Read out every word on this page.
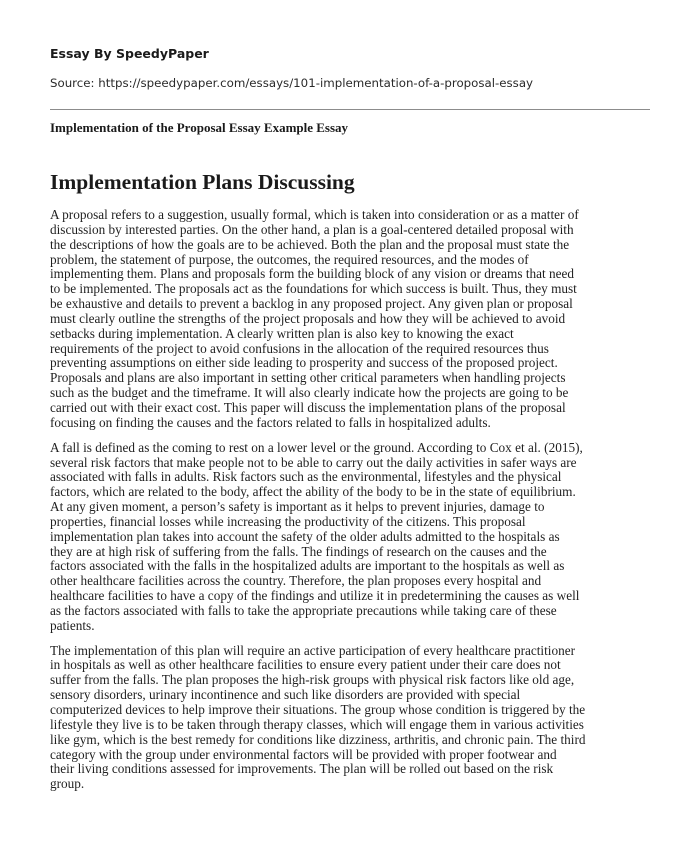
Essay By SpeedyPaper
Source: https://speedypaper.com/essays/101-implementation-of-a-proposal-essay
Implementation of the Proposal Essay Example Essay
Implementation Plans Discussing

A proposal refers to a suggestion, usually formal, which is taken into consideration or as a matter of
discussion by interested parties. On the other hand, a plan is a goal-centered detailed proposal with
the descriptions of how the goals are to be achieved. Both the plan and the proposal must state the
problem, the statement of purpose, the outcomes, the required resources, and the modes of
implementing them. Plans and proposals form the building block of any vision or dreams that need
to be implemented. The proposals act as the foundations for which success is built. Thus, they must
be exhaustive and details to prevent a backlog in any proposed project. Any given plan or proposal
must clearly outline the strengths of the project proposals and how they will be achieved to avoid
setbacks during implementation. A clearly written plan is also key to knowing the exact
requirements of the project to avoid confusions in the allocation of the required resources thus
preventing assumptions on either side leading to prosperity and success of the proposed project.
Proposals and plans are also important in setting other critical parameters when handling projects
such as the budget and the timeframe. It will also clearly indicate how the projects are going to be
carried out with their exact cost. This paper will discuss the implementation plans of the proposal
focusing on finding the causes and the factors related to falls in hospitalized adults.

A fall is defined as the coming to rest on a lower level or the ground. According to Cox et al. (2015),
several risk factors that make people not to be able to carry out the daily activities in safer ways are
associated with falls in adults. Risk factors such as the environmental, lifestyles and the physical
factors, which are related to the body, affect the ability of the body to be in the state of equilibrium.
At any given moment, a person’s safety is important as it helps to prevent injuries, damage to
properties, financial losses while increasing the productivity of the citizens. This proposal
implementation plan takes into account the safety of the older adults admitted to the hospitals as
they are at high risk of suffering from the falls. The findings of research on the causes and the
factors associated with the falls in the hospitalized adults are important to the hospitals as well as
other healthcare facilities across the country. Therefore, the plan proposes every hospital and
healthcare facilities to have a copy of the findings and utilize it in predetermining the causes as well
as the factors associated with falls to take the appropriate precautions while taking care of these
patients.

The implementation of this plan will require an active participation of every healthcare practitioner
in hospitals as well as other healthcare facilities to ensure every patient under their care does not
suffer from the falls. The plan proposes the high-risk groups with physical risk factors like old age,
sensory disorders, urinary incontinence and such like disorders are provided with special
computerized devices to help improve their situations. The group whose condition is triggered by the
lifestyle they live is to be taken through therapy classes, which will engage them in various activities
like gym, which is the best remedy for conditions like dizziness, arthritis, and chronic pain. The third
category with the group under environmental factors will be provided with proper footwear and
their living conditions assessed for improvements. The plan will be rolled out based on the risk
group.
